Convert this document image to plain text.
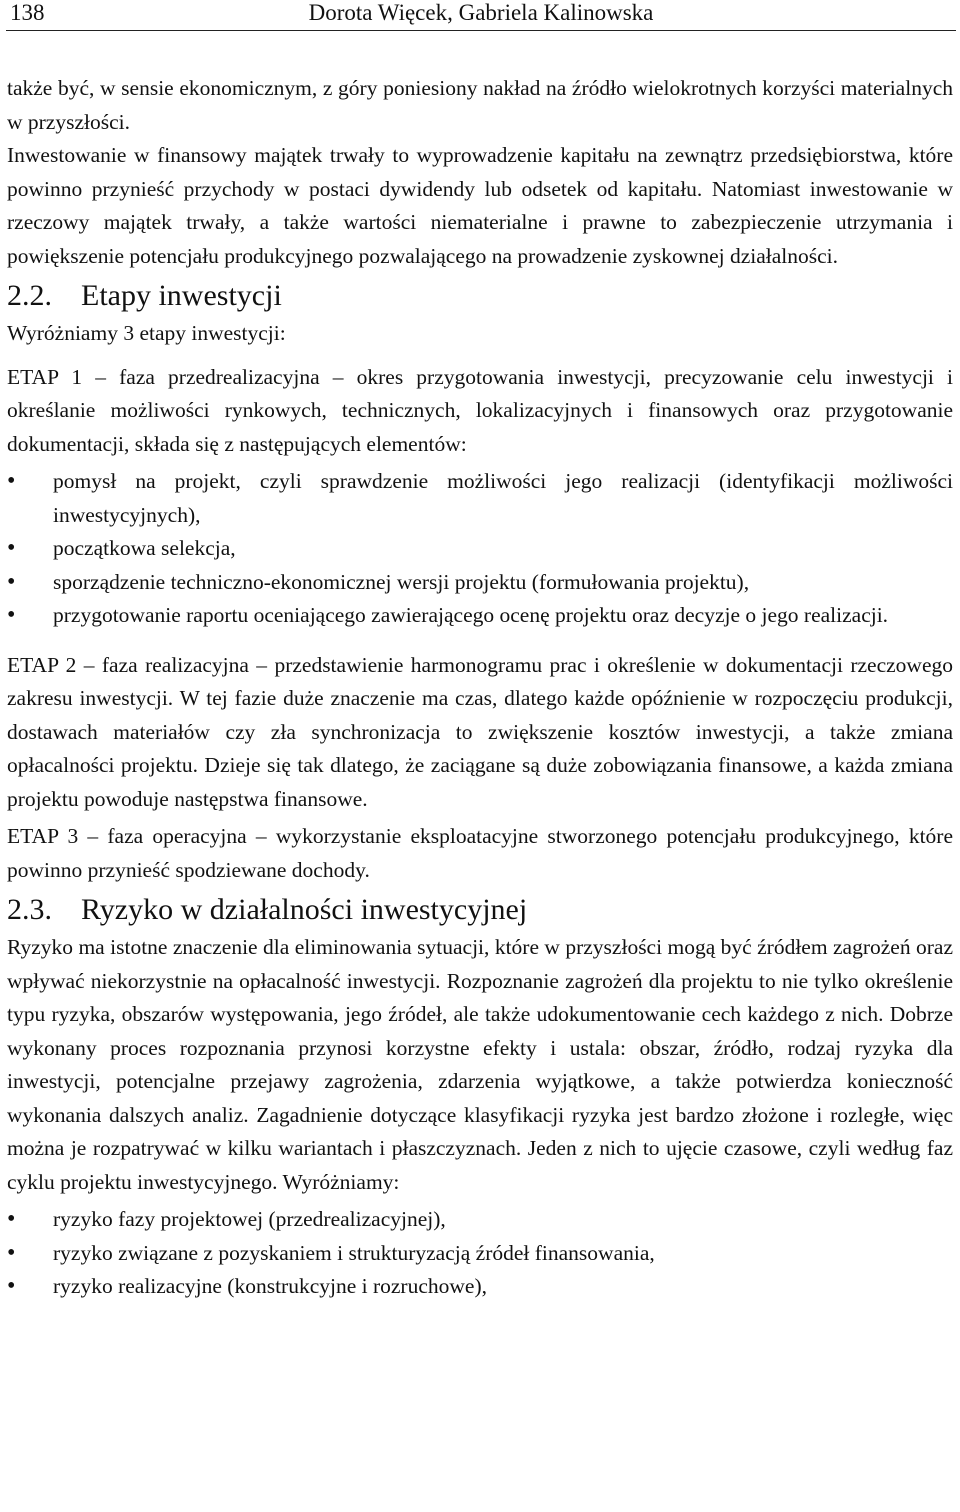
138	Dorota Więcek, Gabriela Kalinowska

także być, w sensie ekonomicznym, z góry poniesiony nakład na źródło wielokrotnych korzyści materialnych w przyszłości.

Inwestowanie w finansowy majątek trwały to wyprowadzenie kapitału na zewnątrz przedsiębiorstwa, które powinno przynieść przychody w postaci dywidendy lub odsetek od kapitału. Natomiast inwestowanie w rzeczowy majątek trwały, a także wartości niematerialne i prawne to zabezpieczenie utrzymania i powiększenie potencjału produkcyjnego pozwalającego na prowadzenie zyskownej działalności.

2.2. Etapy inwestycji

Wyróżniamy 3 etapy inwestycji:

ETAP 1 – faza przedrealizacyjna – okres przygotowania inwestycji, precyzowanie celu inwestycji i określanie możliwości rynkowych, technicznych, lokalizacyjnych i finansowych oraz przygotowanie dokumentacji, składa się z następujących elementów:

• pomysł na projekt, czyli sprawdzenie możliwości jego realizacji (identyfikacji możliwości inwestycyjnych),
• początkowa selekcja,
• sporządzenie techniczno-ekonomicznej wersji projektu (formułowania projektu),
• przygotowanie raportu oceniającego zawierającego ocenę projektu oraz decyzje o jego realizacji.

ETAP 2 – faza realizacyjna – przedstawienie harmonogramu prac i określenie w dokumentacji rzeczowego zakresu inwestycji. W tej fazie duże znaczenie ma czas, dlatego każde opóźnienie w rozpoczęciu produkcji, dostawach materiałów czy zła synchronizacja to zwiększenie kosztów inwestycji, a także zmiana opłacalności projektu. Dzieje się tak dlatego, że zaciągane są duże zobowiązania finansowe, a każda zmiana projektu powoduje następstwa finansowe.

ETAP 3 – faza operacyjna – wykorzystanie eksploatacyjne stworzonego potencjału produkcyjnego, które powinno przynieść spodziewane dochody.

2.3. Ryzyko w działalności inwestycyjnej

Ryzyko ma istotne znaczenie dla eliminowania sytuacji, które w przyszłości mogą być źródłem zagrożeń oraz wpływać niekorzystnie na opłacalność inwestycji. Rozpoznanie zagrożeń dla projektu to nie tylko określenie typu ryzyka, obszarów występowania, jego źródeł, ale także udokumentowanie cech każdego z nich. Dobrze wykonany proces rozpoznania przynosi korzystne efekty i ustala: obszar, źródło, rodzaj ryzyka dla inwestycji, potencjalne przejawy zagrożenia, zdarzenia wyjątkowe, a także potwierdza konieczność wykonania dalszych analiz. Zagadnienie dotyczące klasyfikacji ryzyka jest bardzo złożone i rozległe, więc można je rozpatrywać w kilku wariantach i płaszczyznach. Jeden z nich to ujęcie czasowe, czyli według faz cyklu projektu inwestycyjnego. Wyróżniamy:

• ryzyko fazy projektowej (przedrealizacyjnej),
• ryzyko związane z pozyskaniem i strukturyzacją źródeł finansowania,
• ryzyko realizacyjne (konstrukcyjne i rozruchowe),
